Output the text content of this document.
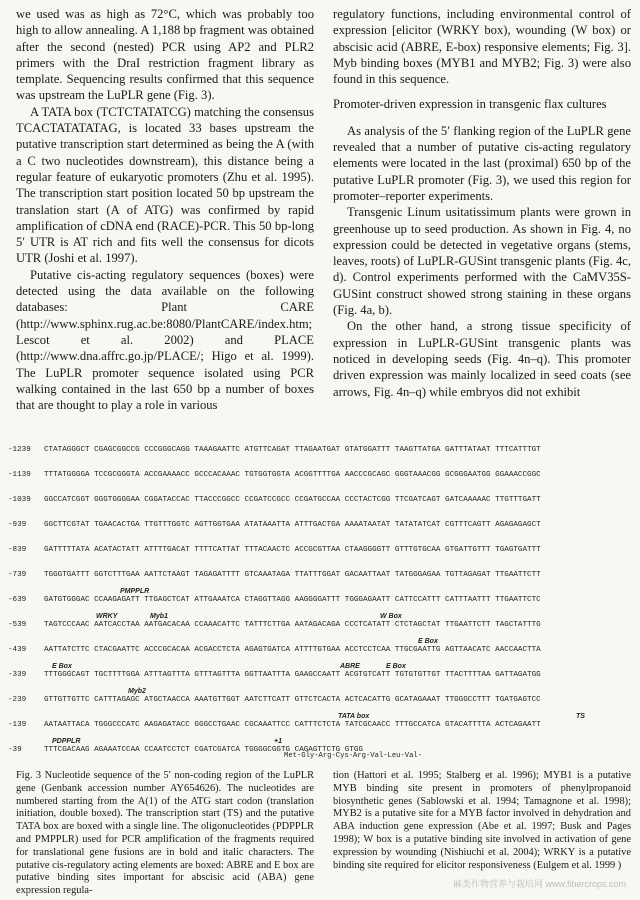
we used was as high as 72°C, which was probably too high to allow annealing. A 1,188 bp fragment was obtained after the second (nested) PCR using AP2 and PLR2 primers with the DraI restriction fragment library as template. Sequencing results confirmed that this sequence was upstream the LuPLR gene (Fig. 3).

A TATA box (TCTCTATATCG) matching the consensus TCACTATATATAG, is located 33 bases upstream the putative transcription start determined as being the A (with a C two nucleotides downstream), this distance being a regular feature of eukaryotic promoters (Zhu et al. 1995). The transcription start position located 50 bp upstream the translation start (A of ATG) was confirmed by rapid amplification of cDNA end (RACE)-PCR. This 50 bp-long 5′ UTR is AT rich and fits well the consensus for dicots UTR (Joshi et al. 1997).

Putative cis-acting regulatory sequences (boxes) were detected using the data available on the following databases: Plant CARE (http://www.sphinx.rug.ac.be:8080/PlantCARE/index.htm; Lescot et al. 2002) and PLACE (http://www.dna.affrc.go.jp/PLACE/; Higo et al. 1999). The LuPLR promoter sequence isolated using PCR walking contained in the last 650 bp a number of boxes that are thought to play a role in various

regulatory functions, including environmental control of expression [elicitor (WRKY box), wounding (W box) or abscisic acid (ABRE, E-box) responsive elements; Fig. 3]. Myb binding boxes (MYB1 and MYB2; Fig. 3) were also found in this sequence.

Promoter-driven expression in transgenic flax cultures

As analysis of the 5′ flanking region of the LuPLR gene revealed that a number of putative cis-acting regulatory elements were located in the last (proximal) 650 bp of the putative LuPLR promoter (Fig. 3), we used this region for promoter–reporter experiments.

Transgenic Linum usitatissimum plants were grown in greenhouse up to seed production. As shown in Fig. 4, no expression could be detected in vegetative organs (stems, leaves, roots) of LuPLR-GUSint transgenic plants (Fig. 4c, d). Control experiments performed with the CaMV35S-GUSint construct showed strong staining in these organs (Fig. 4a, b).

On the other hand, a strong tissue specificity of expression in LuPLR-GUSint transgenic plants was noticed in developing seeds (Fig. 4n–q). This promoter driven expression was mainly localized in seed coats (see arrows, Fig. 4n–q) while embryos did not exhibit

-1239 CTATAGGGCT CGAGCGGCCG CCCGGGCAGG TAAAGAATTC ATGTTCAGAT TTAGAATGAT GTATGGATTT TAAGTTATGA GATTTATAAT TTTCATTTGT
-1139 TTTATGGGGA TCCGCGGGTA ACCGAAAACC GCCCACAAAC TGTGGTGGTA ACGGTTTTGA AACCCGCAGC GGGTAAACGG GCGGGAATGG GGAAACCGGC
-1039 GGCCATCGGT GGGTGGGGAA CGGATACCAC TTACCCGGCC CCGATCCGCC CCGATGCCAA CCCTACTCGG TTCGATCAGT GATCAAAAAC TTGTTTGATT
-939 GGCTTCGTAT TGAACACTGA TTGTTTGGTC AGTTGGTGAA ATATAAATTA ATTTGACTGA AAAATAATAT TATATATCAT CGTTTCAGTT AGAGAGAGCT
-839 GATTTTTATA ACATACTATT ATTTTGACAT TTTTCATTAT TTTACAACTC ACCGCGTTAA CTAAGGGGTT GTTTGTGCAA GTGATTGTTT TGAGTGATTT
-739 TGGGTGATTT GGTCTTTGAA AATTCTAAGT TAGAGATTTT GTCAAATAGA TTATTTGGAT GACAATTAAT TATGGGAGAA TGTTAGAGAT TTGAATTCTT
PMPPLR
-639 GATGTGGGAC CCAAGAGATT TTGAGCTCAT ATTGAAATCA CTAGGTTAGG AAGGGGATTT TGGGAGAATT CATTCCATTT CATTTAATTT TTGAATTCTC
WRKY	Myb1	W Box
-539 TAGTCCCAAC AATCACCTAA AATGACACAA CCAAACATTC TATTTCTTGA AATAGACAGA CCCTCATATT CTCTAGCTAT TTGAATTCTT TAGCTATTTG
E Box
-439 AATTATCTTC CTACGAATTC ACCCGCACAA ACGACCTCTA AGAGTGATCA ATTTTGTGAA ACCTCCTCAA TTGCGAATTG AGTTAACATC AACCAACTTA
E Box	ABRE	E Box
-339 TTTGGGCAGT TGCTTTTGGA ATTTAGTTTA GTTTAGTTTA GGTTAATTTA GAAGCCAATT ACGTGTCATT TGTGTGTTGT TTACTTTTAA GATTAGATGG
Myb2
-239 GTTGTTGTTC CATTTAGAGC ATGCTAACCA AAATGTTGGT AATCTTCATT GTTCTCACTA ACTCACATTG GCATAGAAAT TTGGGCCTTT TGATGAGTCC
TATA box	TS
-139 AATAATTACA TGGGCCCATC AAGAGATACC GGGCCTGAAC CGCAAATTCC CATTTCTCTA TATCGCAACC TTTGCCATCA GTACATTTTA ACTCAGAATT
PDPPLR	+1
-39	TTTCGACAAG AGAAATCCAA CCAATCCTCT CGATCGATCA TGGGGCGGTG CAGAGTTCTG GTGG
Met-Gly-Arg-Cys-Arg-Val-Leu-Val-

Fig. 3 Nucleotide sequence of the 5′ non-coding region of the LuPLR gene (Genbank accession number AY654626). The nucleotides are numbered starting from the A(1) of the ATG start codon (translation initiation, double boxed). The transcription start (TS) and the putative TATA box are boxed with a single line. The oligonucleotides (PDPPLR and PMPPLR) used for PCR amplification of the fragments required for translational gene fusions are in bold and italic characters. The putative cis-regulatory acting elements are boxed: ABRE and E box are putative binding sites important for abscisic acid (ABA) gene expression regula-

tion (Hattori et al. 1995; Stalberg et al. 1996); MYB1 is a putative MYB binding site present in promoters of phenylpropanoid biosynthetic genes (Sablowski et al. 1994; Tamagnone et al. 1998); MYB2 is a putative site for a MYB factor involved in dehydration and ABA induction gene expression (Abe et al. 1997; Busk and Pages 1998); W box is a putative binding site involved in activation of gene expression by wounding (Nishiuchi et al. 2004); WRKY is a putative binding site required for elicitor responsiveness (Eulgem et al. 1999 )

麻类作物营养与栽培网 www.fibercrops.com
